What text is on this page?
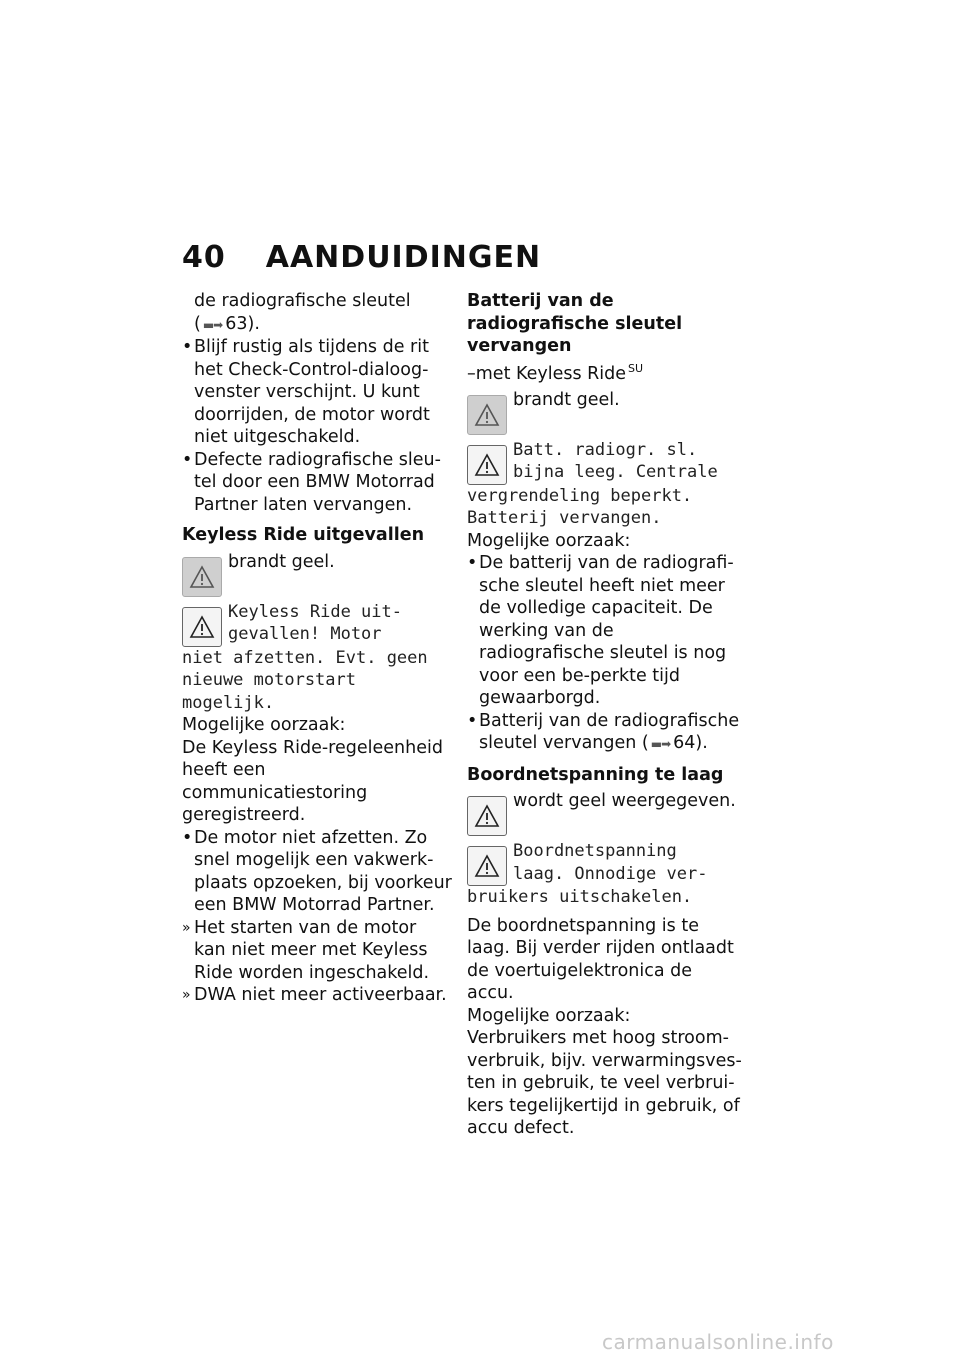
40 AANDUIDINGEN

de radiografische sleutel
( ▬➡ 63).

• Blijf rustig als tijdens de rit het Check-Control-dialoog-venster verschijnt. U kunt doorrijden, de motor wordt niet uitgeschakeld.
• Defecte radiografische sleu-tel door een BMW Motorrad Partner laten vervangen.
Keyless Ride uitgevallen
brandt geel.
Keyless Ride uit-
gevallen! Motor
niet afzetten. Evt. geen nieuwe motorstart mogelijk.

Mogelijke oorzaak:

De Keyless Ride-regeleenheid heeft een communicatiestoring geregistreerd.

• De motor niet afzetten. Zo snel mogelijk een vakwerk-plaats opzoeken, bij voorkeur een BMW Motorrad Partner.
» Het starten van de motor kan niet meer met Keyless Ride worden ingeschakeld.
» DWA niet meer activeerbaar.
Batterij van de radiografische sleutel vervangen

–met Keyless Ride $^{SU}$

brandt geel.
Batt. radiogr. sl.
bijna leeg. Centrale
vergrendeling beperkt. Batterij vervangen.

Mogelijke oorzaak:

• De batterij van de radiografi-sche sleutel heeft niet meer de volledige capaciteit. De werking van de radiografische sleutel is nog voor een be-perkte tijd gewaarborgd.
• Batterij van de radiografische sleutel vervangen ( ▬➡ 64).
Boordnetspanning te laag
wordt geel weergegeven.
Boordnetspanning
laag. Onnodige ver-
bruikers uitschakelen.

De boordnetspanning is te laag. Bij verder rijden ontlaadt de voertuigelektronica de accu.

Mogelijke oorzaak:

Verbruikers met hoog stroom-verbruik, bijv. verwarmingsves-ten in gebruik, te veel verbrui-kers tegelijkertijd in gebruik, of accu defect.

carmanualsonline.info
